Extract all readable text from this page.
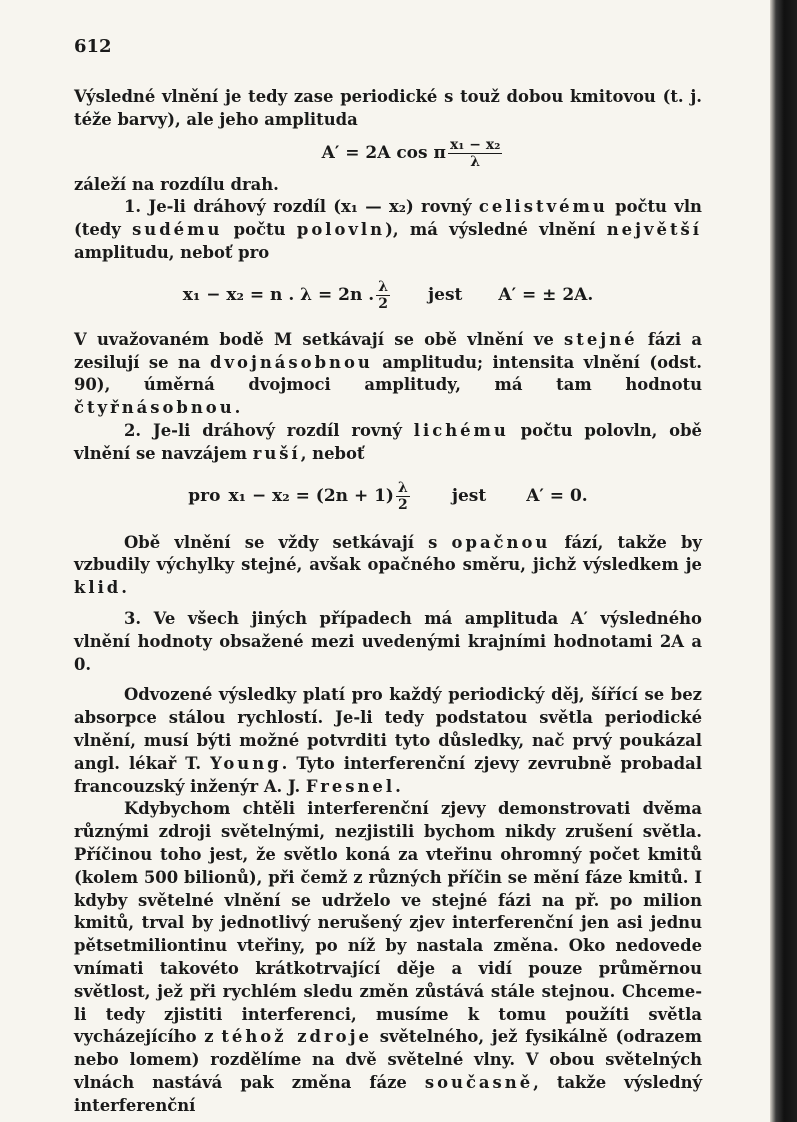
612

Výsledné vlnění je tedy zase periodické s touž dobou kmitovou (t. j. téže barvy), ale jeho amplituda

A′ = 2A cos π $\frac{\text{x₁ − x₂}}{\lambda}$

záleží na rozdílu drah.

1. Je-li dráhový rozdíl (x₁ — x₂) rovný celistvému počtu vln (tedy sudému počtu polovln), má výsledné vlnění největší amplitudu, neboť pro

x₁ − x₂ = n . λ = 2n . $\frac{\lambda}{2}$ jest A′ = ± 2A.

V uvažovaném bodě M setkávají se obě vlnění ve stejné fázi a zesilují se na dvojnásobnou amplitudu; intensita vlnění (odst. 90), úměrná dvojmoci amplitudy, má tam hodnotu čtyřnásobnou.

2. Je-li dráhový rozdíl rovný lichému počtu polovln, obě vlnění se navzájem ruší, neboť

pro $x_1 - x_2 = (2n + 1) \frac{\lambda}{2}$ jest A′ = 0.

Obě vlnění se vždy setkávají s opačnou fází, takže by vzbudily výchylky stejné, avšak opačného směru, jichž výsledkem je klid.

3. Ve všech jiných případech má amplituda A′ výsledného vlnění hodnoty obsažené mezi uvedenými krajními hodnotami 2A a 0.

Odvozené výsledky platí pro každý periodický děj, šířící se bez absorpce stálou rychlostí. Je-li tedy podstatou světla periodické vlnění, musí býti možné potvrditi tyto důsledky, nač prvý poukázal angl. lékař T. Young. Tyto interferenční zjevy zevrubně probadal francouzský inženýr A. J. Fresnel.

Kdybychom chtěli interferenční zjevy demonstrovati dvěma různými zdroji světelnými, nezjistili bychom nikdy zrušení světla. Příčinou toho jest, že světlo koná za vteřinu ohromný počet kmitů (kolem 500 bilionů), při čemž z různých příčin se mění fáze kmitů. I kdyby světelné vlnění se udrželo ve stejné fázi na př. po milion kmitů, trval by jednotlivý nerušený zjev interferenční jen asi jednu pětsetmiliontinu vteřiny, po níž by nastala změna. Oko nedovede vnímati takovéto krátkotrvající děje a vidí pouze průměrnou světlost, jež při rychlém sledu změn zůstává stále stejnou. Chceme-li tedy zjistiti interferenci, musíme k tomu použíti světla vycházejícího z téhož zdroje světelného, jež fysikálně (odrazem nebo lomem) rozdělíme na dvě světelné vlny. V obou světelných vlnách nastává pak změna fáze současně, takže výsledný interferenční
